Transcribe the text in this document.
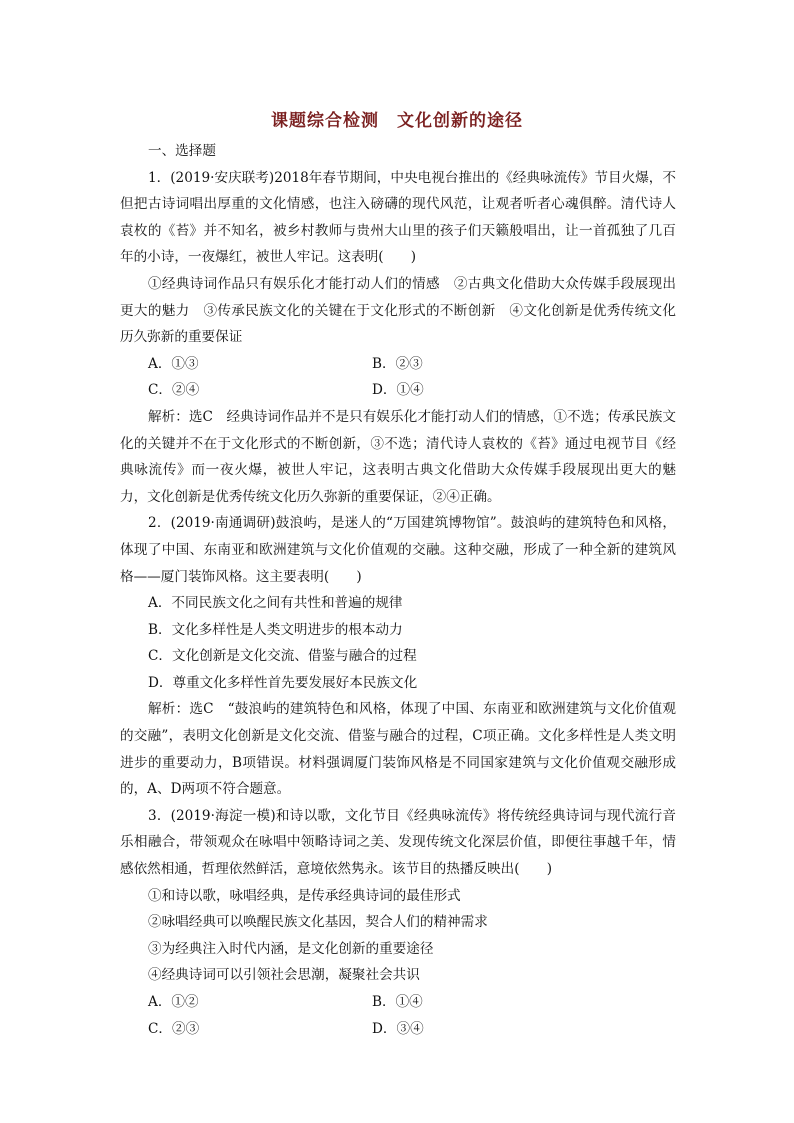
课题综合检测 文化创新的途径

一、选择题

1．(2019·安庆联考)2018年春节期间，中央电视台推出的《经典咏流传》节目火爆，不但把古诗词唱出厚重的文化情感，也注入磅礴的现代风范，让观者听者心魂俱醉。清代诗人袁枚的《苔》并不知名，被乡村教师与贵州大山里的孩子们天籁般唱出，让一首孤独了几百年的小诗，一夜爆红，被世人牢记。这表明(　　)

①经典诗词作品只有娱乐化才能打动人们的情感　②古典文化借助大众传媒手段展现出更大的魅力　③传承民族文化的关键在于文化形式的不断创新　④文化创新是优秀传统文化历久弥新的重要保证

A．①③	B．②③
C．②④	D．①④

解析：选C　经典诗词作品并不是只有娱乐化才能打动人们的情感，①不选；传承民族文化的关键并不在于文化形式的不断创新，③不选；清代诗人袁枚的《苔》通过电视节目《经典咏流传》而一夜火爆，被世人牢记，这表明古典文化借助大众传媒手段展现出更大的魅力，文化创新是优秀传统文化历久弥新的重要保证，②④正确。

2．(2019·南通调研)鼓浪屿，是迷人的“万国建筑博物馆”。鼓浪屿的建筑特色和风格，体现了中国、东南亚和欧洲建筑与文化价值观的交融。这种交融，形成了一种全新的建筑风格——厦门装饰风格。这主要表明(　　)

A．不同民族文化之间有共性和普遍的规律

B．文化多样性是人类文明进步的根本动力

C．文化创新是文化交流、借鉴与融合的过程

D．尊重文化多样性首先要发展好本民族文化

解析：选C　“鼓浪屿的建筑特色和风格，体现了中国、东南亚和欧洲建筑与文化价值观的交融”，表明文化创新是文化交流、借鉴与融合的过程，C项正确。文化多样性是人类文明进步的重要动力，B项错误。材料强调厦门装饰风格是不同国家建筑与文化价值观交融形成的，A、D两项不符合题意。

3．(2019·海淀一模)和诗以歌，文化节目《经典咏流传》将传统经典诗词与现代流行音乐相融合，带领观众在咏唱中领略诗词之美、发现传统文化深层价值，即便往事越千年，情感依然相通，哲理依然鲜活，意境依然隽永。该节目的热播反映出(　　)

①和诗以歌，咏唱经典，是传承经典诗词的最佳形式

②咏唱经典可以唤醒民族文化基因，契合人们的精神需求

③为经典注入时代内涵，是文化创新的重要途径

④经典诗词可以引领社会思潮，凝聚社会共识

A．①②	B．①④
C．②③	D．③④
